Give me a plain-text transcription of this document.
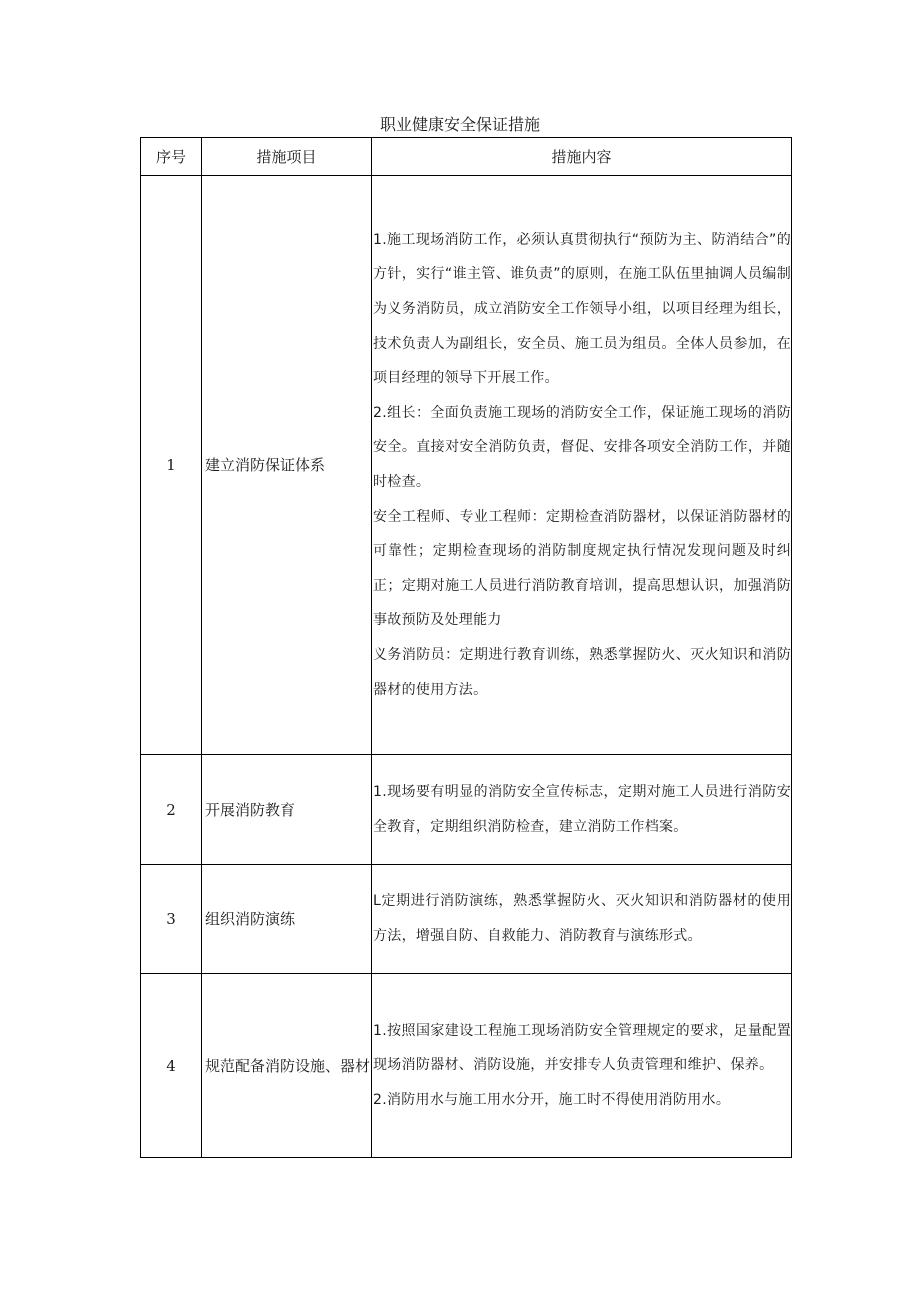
职业健康安全保证措施
序号	措施项目	措施内容
1	建立消防保证体系	1.施工现场消防工作，必须认真贯彻执行“预防为主、防消结合”的方针，实行“谁主管、谁负责”的原则，在施工队伍里抽调人员编制为义务消防员，成立消防安全工作领导小组，以项目经理为组长，技术负责人为副组长，安全员、施工员为组员。全体人员参加，在项目经理的领导下开展工作。
2.组长：全面负责施工现场的消防安全工作，保证施工现场的消防安全。直接对安全消防负责，督促、安排各项安全消防工作，并随时检查。
安全工程师、专业工程师：定期检查消防器材，以保证消防器材的可靠性；定期检查现场的消防制度规定执行情况发现问题及时纠正；定期对施工人员进行消防教育培训，提高思想认识，加强消防事故预防及处理能力
义务消防员：定期进行教育训练，熟悉掌握防火、灭火知识和消防器材的使用方法。

2	开展消防教育	1.现场要有明显的消防安全宣传标志，定期对施工人员进行消防安全教育，定期组织消防检查，建立消防工作档案。

3	组织消防演练	L定期进行消防演练，熟悉掌握防火、灭火知识和消防器材的使用方法，增强自防、自救能力、消防教育与演练形式。

4	规范配备消防设施、器材	1.按照国家建设工程施工现场消防安全管理规定的要求，足量配置现场消防器材、消防设施，并安排专人负责管理和维护、保养。
2.消防用水与施工用水分开，施工时不得使用消防用水。
